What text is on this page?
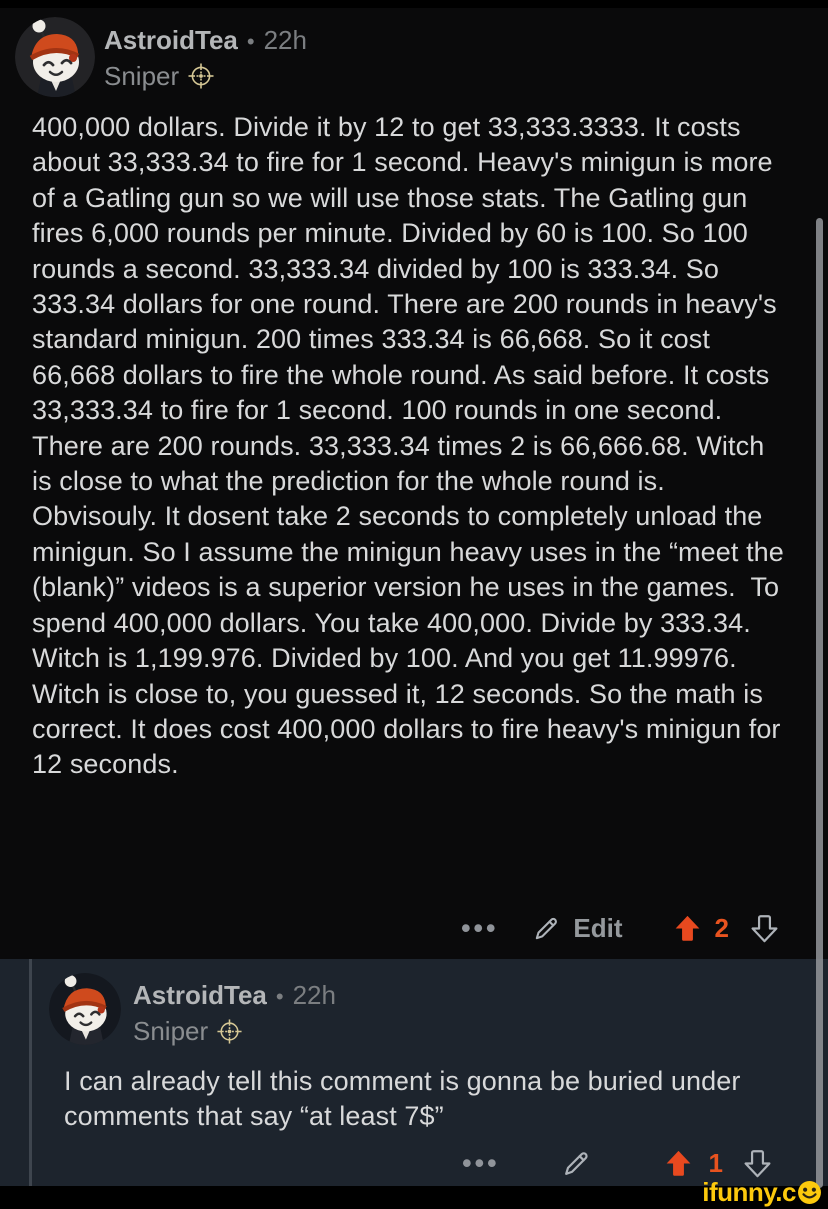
AstroidTea • 22h
Sniper

400,000 dollars. Divide it by 12 to get 33,333.3333. It costs about 33,333.34 to fire for 1 second. Heavy's minigun is more of a Gatling gun so we will use those stats. The Gatling gun fires 6,000 rounds per minute. Divided by 60 is 100. So 100 rounds a second. 33,333.34 divided by 100 is 333.34. So 333.34 dollars for one round. There are 200 rounds in heavy's standard minigun. 200 times 333.34 is 66,668. So it cost 66,668 dollars to fire the whole round. As said before. It costs 33,333.34 to fire for 1 second. 100 rounds in one second. There are 200 rounds. 33,333.34 times 2 is 66,666.68. Witch is close to what the prediction for the whole round is. Obvisouly. It dosent take 2 seconds to completely unload the minigun. So I assume the minigun heavy uses in the “meet the (blank)” videos is a superior version he uses in the games.  To spend 400,000 dollars. You take 400,000. Divide by 333.34. Witch is 1,199.976. Divided by 100. And you get 11.99976. Witch is close to, you guessed it, 12 seconds. So the math is correct. It does cost 400,000 dollars to fire heavy's minigun for 12 seconds.

•••	Edit	2
AstroidTea • 22h
Sniper

I can already tell this comment is gonna be buried under comments that say “at least 7$”

•••	1
ifunny.c
